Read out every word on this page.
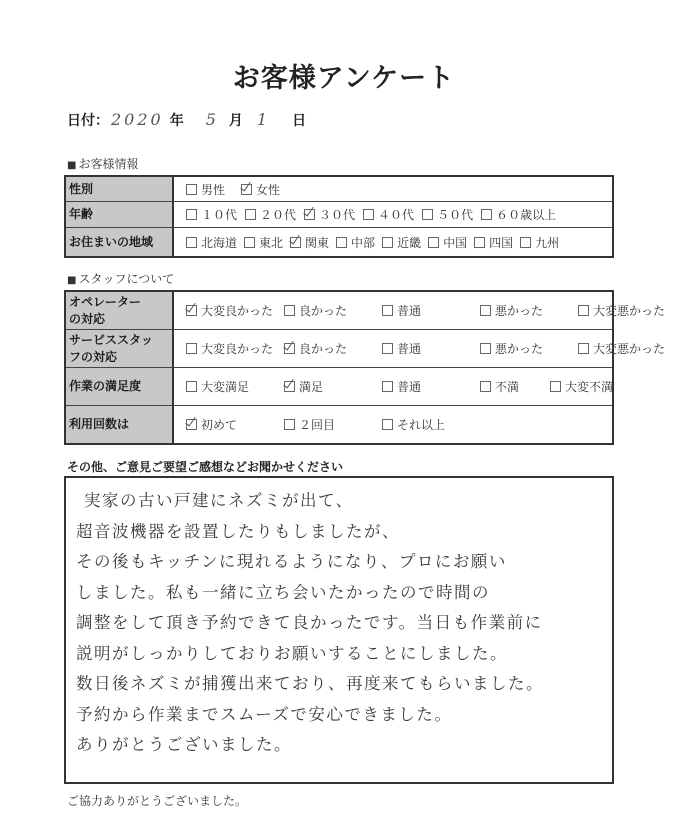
お客様アンケート
日付： 2020 年 5 月 1 日
■ お客様情報
性別	男性 女性
年齢	１０代 ２０代 ３０代 ４０代 ５０代 ６０歳以上
お住まいの地域	北海道 東北 関東 中部 近畿 中国 四国 九州
■ スタッフについて
オペレーター
の対応	大変良かった 良かった 普通 悪かった 大変悪かった

サービススタッ
フの対応	大変良かった 良かった 普通 悪かった 大変悪かった
作業の満足度	大変満足 満足 普通 不満 大変不満
利用回数は	初めて ２回目 それ以上
その他、ご意見ご要望ご感想などお聞かせください
実家の古い戸建にネズミが出て、
超音波機器を設置したりもしましたが、
その後もキッチンに現れるようになり、プロにお願い
しました。私も一緒に立ち会いたかったので時間の
調整をして頂き予約できて良かったです。当日も作業前に
説明がしっかりしておりお願いすることにしました。
数日後ネズミが捕獲出来ており、再度来てもらいました。
予約から作業までスムーズで安心できました。
ありがとうございました。
ご協力ありがとうございました。
